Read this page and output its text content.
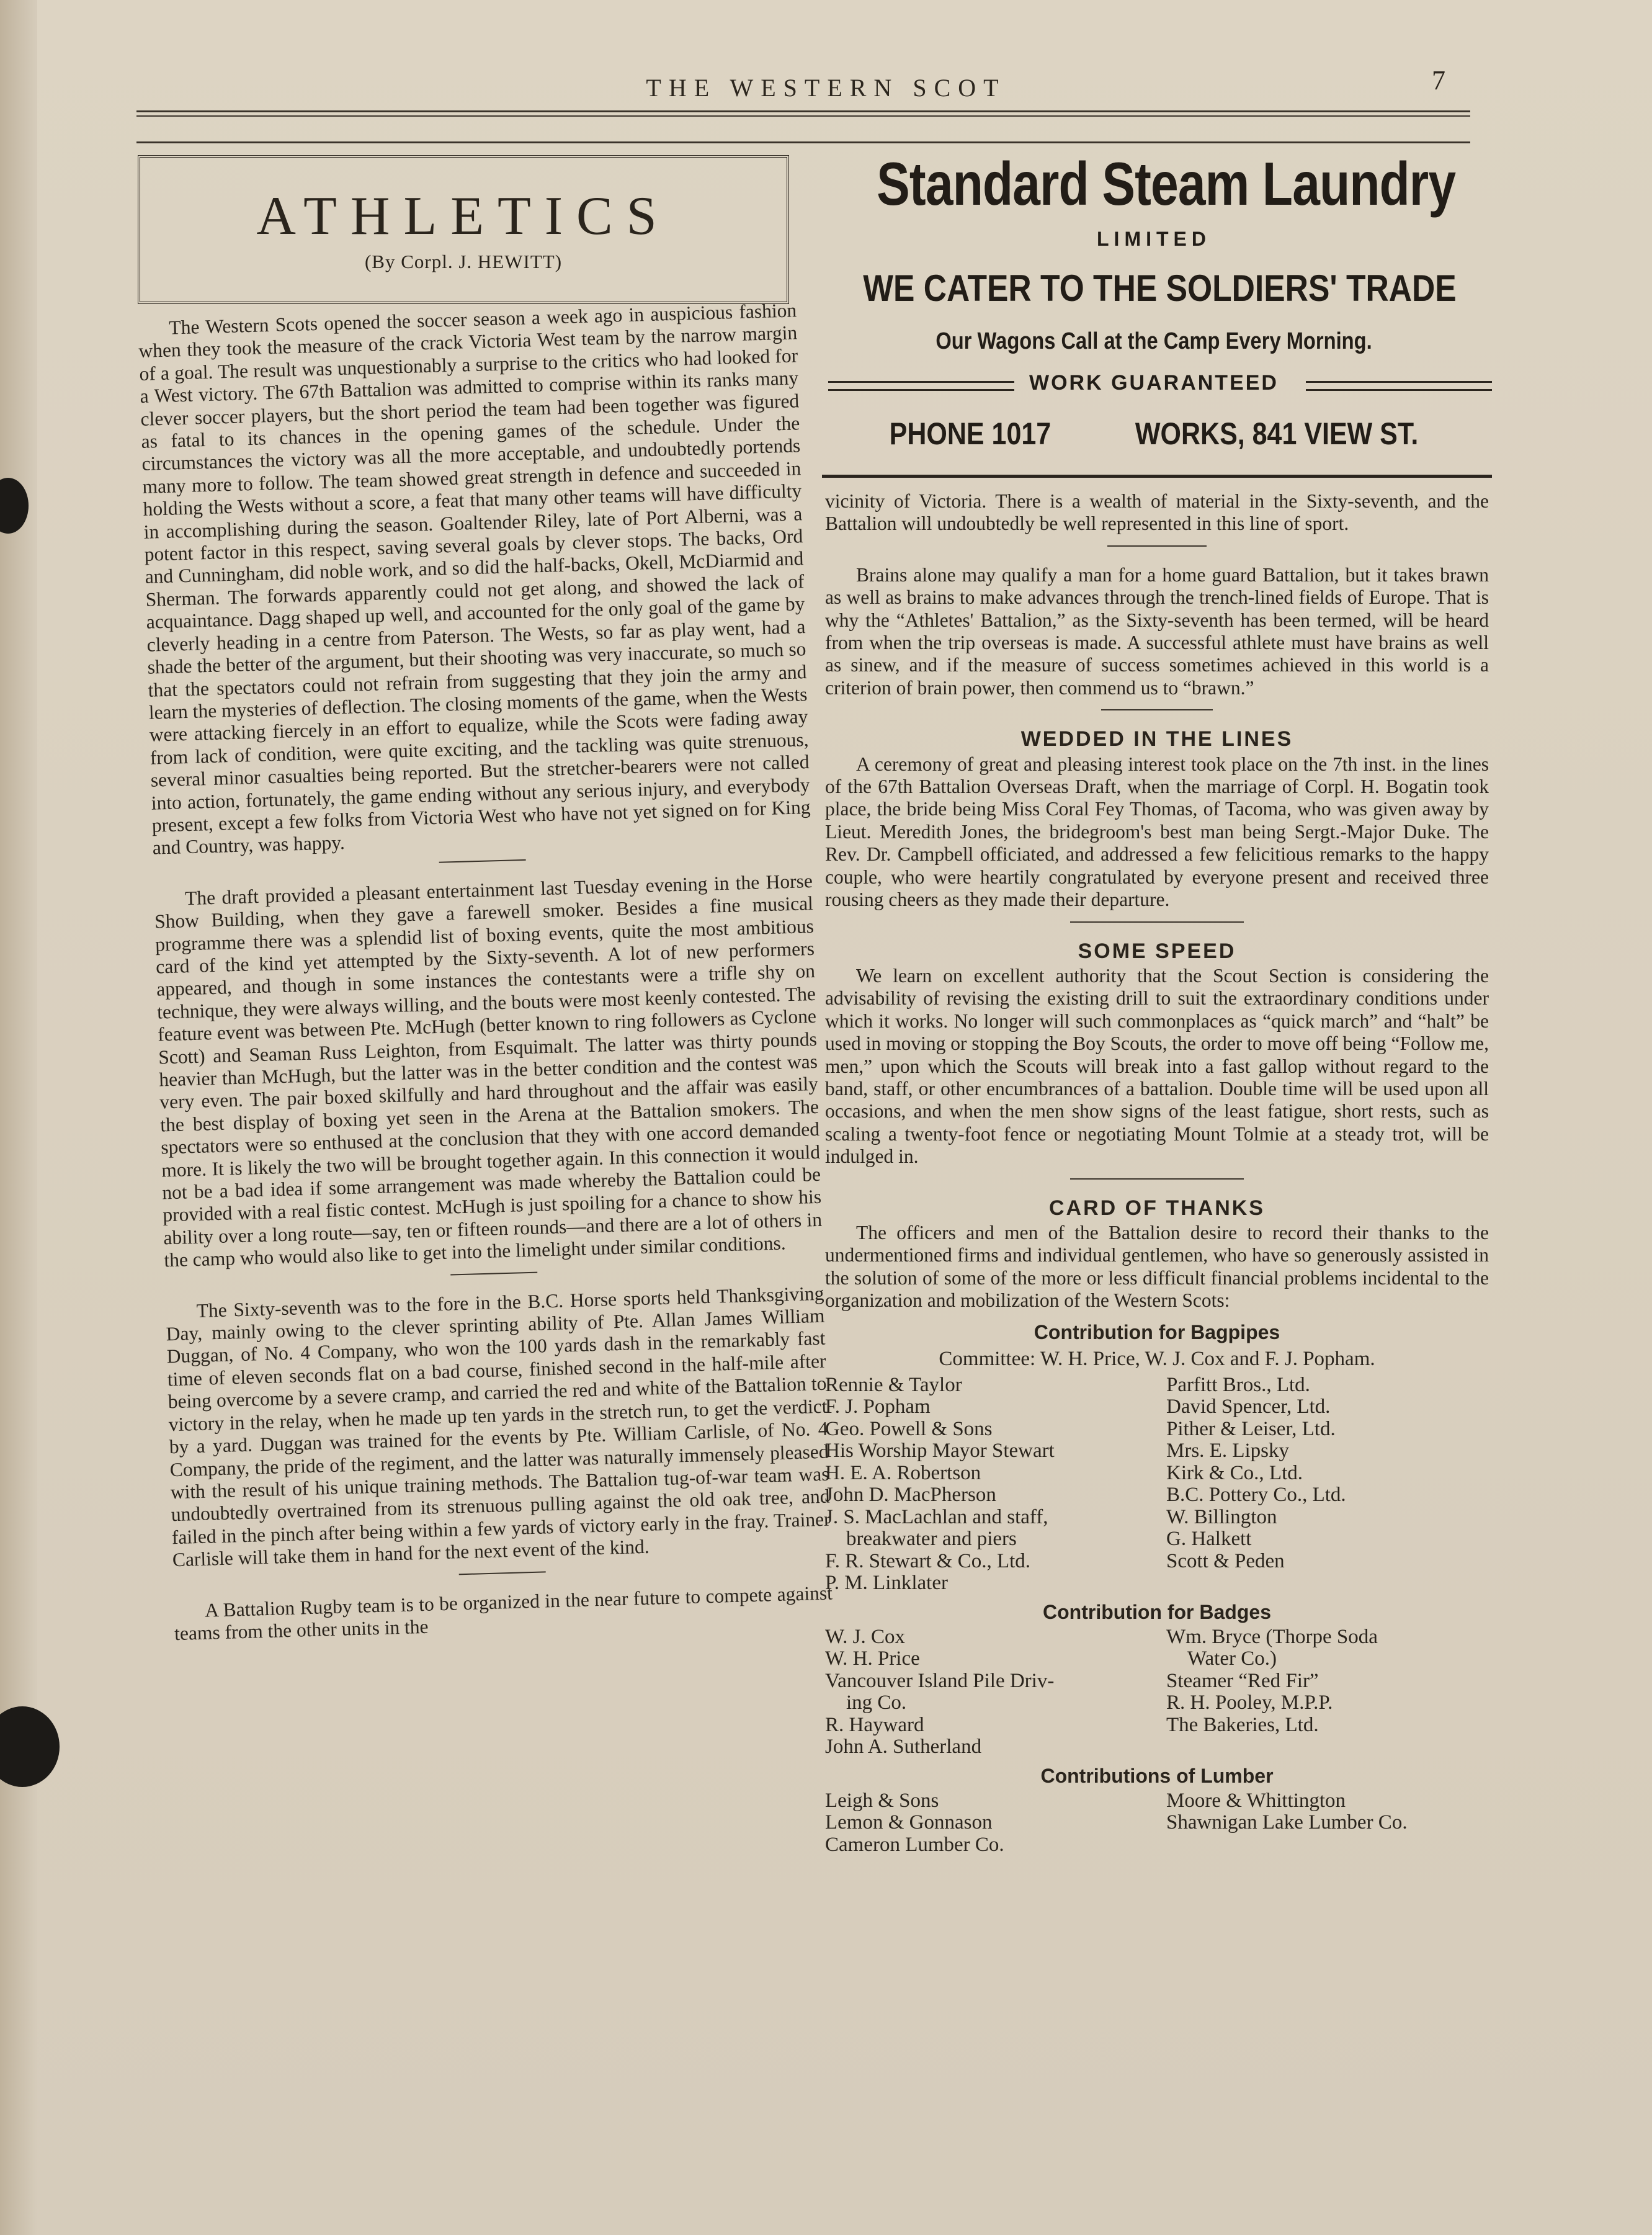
THE WESTERN SCOT	7
ATHLETICS
(By Corpl. J. HEWITT)

The Western Scots opened the soccer season a week ago in auspicious fashion when they took the measure of the crack Victoria West team by the narrow margin of a goal. The result was unquestionably a surprise to the critics who had looked for a West victory. The 67th Battalion was admitted to comprise within its ranks many clever soccer players, but the short period the team had been together was figured as fatal to its chances in the opening games of the schedule. Under the circumstances the victory was all the more acceptable, and undoubtedly portends many more to follow. The team showed great strength in defence and succeeded in holding the Wests without a score, a feat that many other teams will have difficulty in accomplishing during the season. Goaltender Riley, late of Port Alberni, was a potent factor in this respect, saving several goals by clever stops. The backs, Ord and Cunningham, did noble work, and so did the half-backs, Okell, McDiarmid and Sherman. The forwards apparently could not get along, and showed the lack of acquaintance. Dagg shaped up well, and accounted for the only goal of the game by cleverly heading in a centre from Paterson. The Wests, so far as play went, had a shade the better of the argument, but their shooting was very inaccurate, so much so that the spectators could not refrain from suggesting that they join the army and learn the mysteries of deflection. The closing moments of the game, when the Wests were attacking fiercely in an effort to equalize, while the Scots were fading away from lack of condition, were quite exciting, and the tackling was quite strenuous, several minor casualties being reported. But the stretcher-bearers were not called into action, fortunately, the game ending without any serious injury, and everybody present, except a few folks from Victoria West who have not yet signed on for King and Country, was happy.

The draft provided a pleasant entertainment last Tuesday evening in the Horse Show Building, when they gave a farewell smoker. Besides a fine musical programme there was a splendid list of boxing events, quite the most ambitious card of the kind yet attempted by the Sixty-seventh. A lot of new performers appeared, and though in some instances the contestants were a trifle shy on technique, they were always willing, and the bouts were most keenly contested. The feature event was between Pte. McHugh (better known to ring followers as Cyclone Scott) and Seaman Russ Leighton, from Esquimalt. The latter was thirty pounds heavier than McHugh, but the latter was in the better condition and the contest was very even. The pair boxed skilfully and hard throughout and the affair was easily the best display of boxing yet seen in the Arena at the Battalion smokers. The spectators were so enthused at the conclusion that they with one accord demanded more. It is likely the two will be brought together again. In this connection it would not be a bad idea if some arrangement was made whereby the Battalion could be provided with a real fistic contest. McHugh is just spoiling for a chance to show his ability over a long route—say, ten or fifteen rounds—and there are a lot of others in the camp who would also like to get into the limelight under similar conditions.

The Sixty-seventh was to the fore in the B.C. Horse sports held Thanksgiving Day, mainly owing to the clever sprinting ability of Pte. Allan James William Duggan, of No. 4 Company, who won the 100 yards dash in the remarkably fast time of eleven seconds flat on a bad course, finished second in the half-mile after being overcome by a severe cramp, and carried the red and white of the Battalion to victory in the relay, when he made up ten yards in the stretch run, to get the verdict by a yard. Duggan was trained for the events by Pte. William Carlisle, of No. 4 Company, the pride of the regiment, and the latter was naturally immensely pleased with the result of his unique training methods. The Battalion tug-of-war team was undoubtedly overtrained from its strenuous pulling against the old oak tree, and failed in the pinch after being within a few yards of victory early in the fray. Trainer Carlisle will take them in hand for the next event of the kind.

A Battalion Rugby team is to be organized in the near future to compete against teams from the other units in the

Standard Steam Laundry
LIMITED
WE CATER TO THE SOLDIERS' TRADE
Our Wagons Call at the Camp Every Morning.
WORK GUARANTEED
PHONE 1017	WORKS, 841 VIEW ST.

vicinity of Victoria. There is a wealth of material in the Sixty-seventh, and the Battalion will undoubtedly be well represented in this line of sport.

Brains alone may qualify a man for a home guard Battalion, but it takes brawn as well as brains to make advances through the trench-lined fields of Europe. That is why the “Athletes' Battalion,” as the Sixty-seventh has been termed, will be heard from when the trip overseas is made. A successful athlete must have brains as well as sinew, and if the measure of success sometimes achieved in this world is a criterion of brain power, then commend us to “brawn.”

WEDDED IN THE LINES

A ceremony of great and pleasing interest took place on the 7th inst. in the lines of the 67th Battalion Overseas Draft, when the marriage of Corpl. H. Bogatin took place, the bride being Miss Coral Fey Thomas, of Tacoma, who was given away by Lieut. Meredith Jones, the bridegroom's best man being Sergt.-Major Duke. The Rev. Dr. Campbell officiated, and addressed a few felicitious remarks to the happy couple, who were heartily congratulated by everyone present and received three rousing cheers as they made their departure.

SOME SPEED

We learn on excellent authority that the Scout Section is considering the advisability of revising the existing drill to suit the extraordinary conditions under which it works. No longer will such commonplaces as “quick march” and “halt” be used in moving or stopping the Boy Scouts, the order to move off being “Follow me, men,” upon which the Scouts will break into a fast gallop without regard to the band, staff, or other encumbrances of a battalion. Double time will be used upon all occasions, and when the men show signs of the least fatigue, short rests, such as scaling a twenty-foot fence or negotiating Mount Tolmie at a steady trot, will be indulged in.

CARD OF THANKS

The officers and men of the Battalion desire to record their thanks to the undermentioned firms and individual gentlemen, who have so generously assisted in the solution of some of the more or less difficult financial problems incidental to the organization and mobilization of the Western Scots:

Contribution for Bagpipes
Committee: W. H. Price, W. J. Cox and F. J. Popham.
Rennie & Taylor
F. J. Popham
Geo. Powell & Sons
His Worship Mayor Stewart
H. E. A. Robertson
John D. MacPherson
J. S. MacLachlan and staff,
breakwater and piers
F. R. Stewart & Co., Ltd.
P. M. Linklater
Parfitt Bros., Ltd.
David Spencer, Ltd.
Pither & Leiser, Ltd.
Mrs. E. Lipsky
Kirk & Co., Ltd.
B.C. Pottery Co., Ltd.
W. Billington
G. Halkett
Scott & Peden
Contribution for Badges
W. J. Cox
W. H. Price
Vancouver Island Pile Driv-
ing Co.
R. Hayward
John A. Sutherland
Wm. Bryce (Thorpe Soda
Water Co.)
Steamer “Red Fir”
R. H. Pooley, M.P.P.
The Bakeries, Ltd.
Contributions of Lumber
Leigh & Sons
Lemon & Gonnason
Cameron Lumber Co.
Moore & Whittington
Shawnigan Lake Lumber Co.
